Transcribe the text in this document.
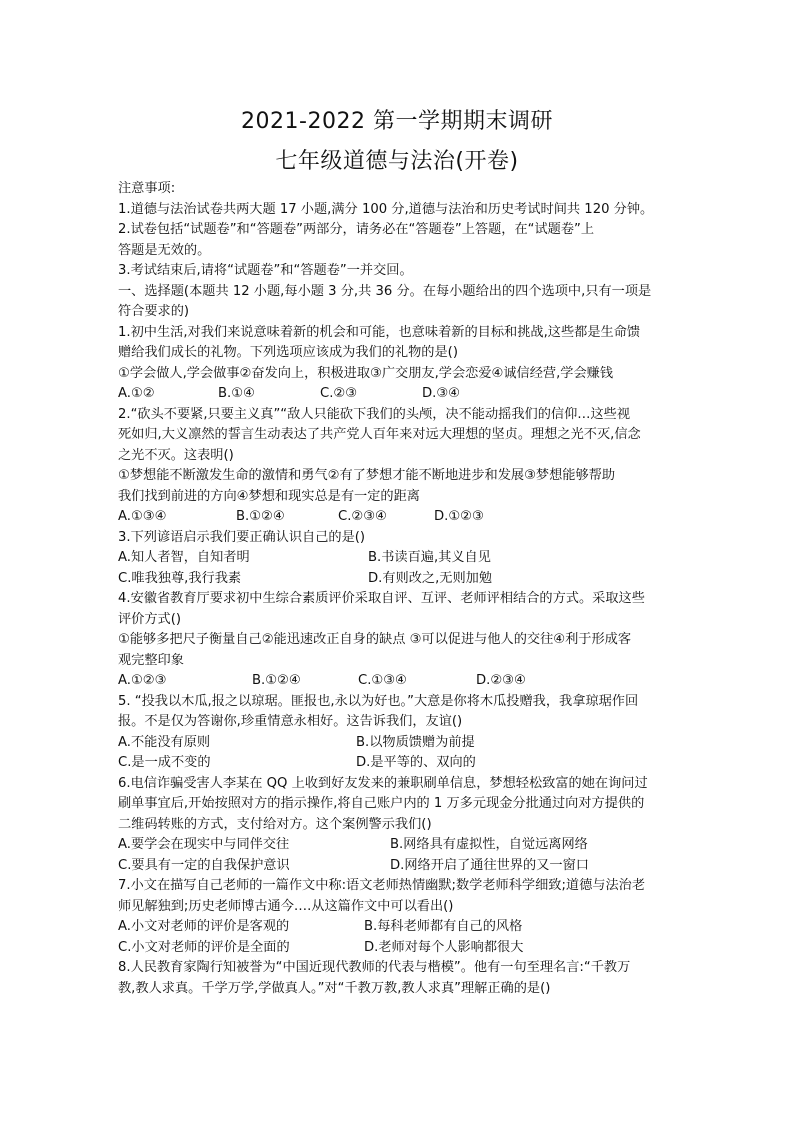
2021-2022 第一学期期末调研
七年级道德与法治(开卷)
注意事项:
1.道德与法治试卷共两大题 17 小题,满分 100 分,道德与法治和历史考试时间共 120 分钟。
2.试卷包括“试题卷”和“答题卷”两部分，请务必在“答题卷”上答题，在“试题卷”上
答题是无效的。
3.考试结束后,请将“试题卷”和“答题卷”一并交回。
一、选择题(本题共 12 小题,每小题 3 分,共 36 分。在每小题给出的四个选项中,只有一项是
符合要求的)
1.初中生活,对我们来说意味着新的机会和可能，也意味着新的目标和挑战,这些都是生命馈
赠给我们成长的礼物。下列选项应该成为我们的礼物的是()
①学会做人,学会做事②奋发向上，积极进取③广交朋友,学会恋爱④诚信经营,学会赚钱
A.①②	B.①④	C.②③	D.③④
2.“砍头不要紧,只要主义真”“敌人只能砍下我们的头颅，决不能动摇我们的信仰…这些视
死如归,大义凛然的誓言生动表达了共产党人百年来对远大理想的坚贞。理想之光不灭,信念
之光不灭。这表明()
①梦想能不断激发生命的激情和勇气②有了梦想才能不断地进步和发展③梦想能够帮助
我们找到前进的方向④梦想和现实总是有一定的距离
A.①③④	B.①②④	C.②③④	D.①②③
3.下列谚语启示我们要正确认识自己的是()
A.知人者智，自知者明	B.书读百遍,其义自见
C.唯我独尊,我行我素	D.有则改之,无则加勉
4.安徽省教育厅要求初中生综合素质评价采取自评、互评、老师评相结合的方式。采取这些
评价方式()
①能够多把尺子衡量自己②能迅速改正自身的缺点 ③可以促进与他人的交往④利于形成客
观完整印象
A.①②③	B.①②④	C.①③④	D.②③④
5. “投我以木瓜,报之以琼琚。匪报也,永以为好也。”大意是你将木瓜投赠我，我拿琼琚作回
报。不是仅为答谢你,珍重情意永相好。这告诉我们，友谊()
A.不能没有原则	B.以物质馈赠为前提
C.是一成不变的	D.是平等的、双向的
6.电信诈骗受害人李某在 QQ 上收到好友发来的兼职刷单信息，梦想轻松致富的她在询问过
刷单事宜后,开始按照对方的指示操作,将自己账户内的 1 万多元现金分批通过向对方提供的
二维码转账的方式，支付给对方。这个案例警示我们()
A.要学会在现实中与同伴交往	B.网络具有虚拟性，自觉远离网络
C.要具有一定的自我保护意识	D.网络开启了通往世界的又一窗口
7.小文在描写自己老师的一篇作文中称:语文老师热情幽默;数学老师科学细致;道德与法治老
师见解独到;历史老师博古通今….从这篇作文中可以看出()
A.小文对老师的评价是客观的	B.每科老师都有自己的风格
C.小文对老师的评价是全面的	D.老师对每个人影响都很大
8.人民教育家陶行知被誉为“中国近现代教师的代表与楷模”。他有一句至理名言:“千教万
教,教人求真。千学万学,学做真人。”对“千教万教,教人求真”理解正确的是()
